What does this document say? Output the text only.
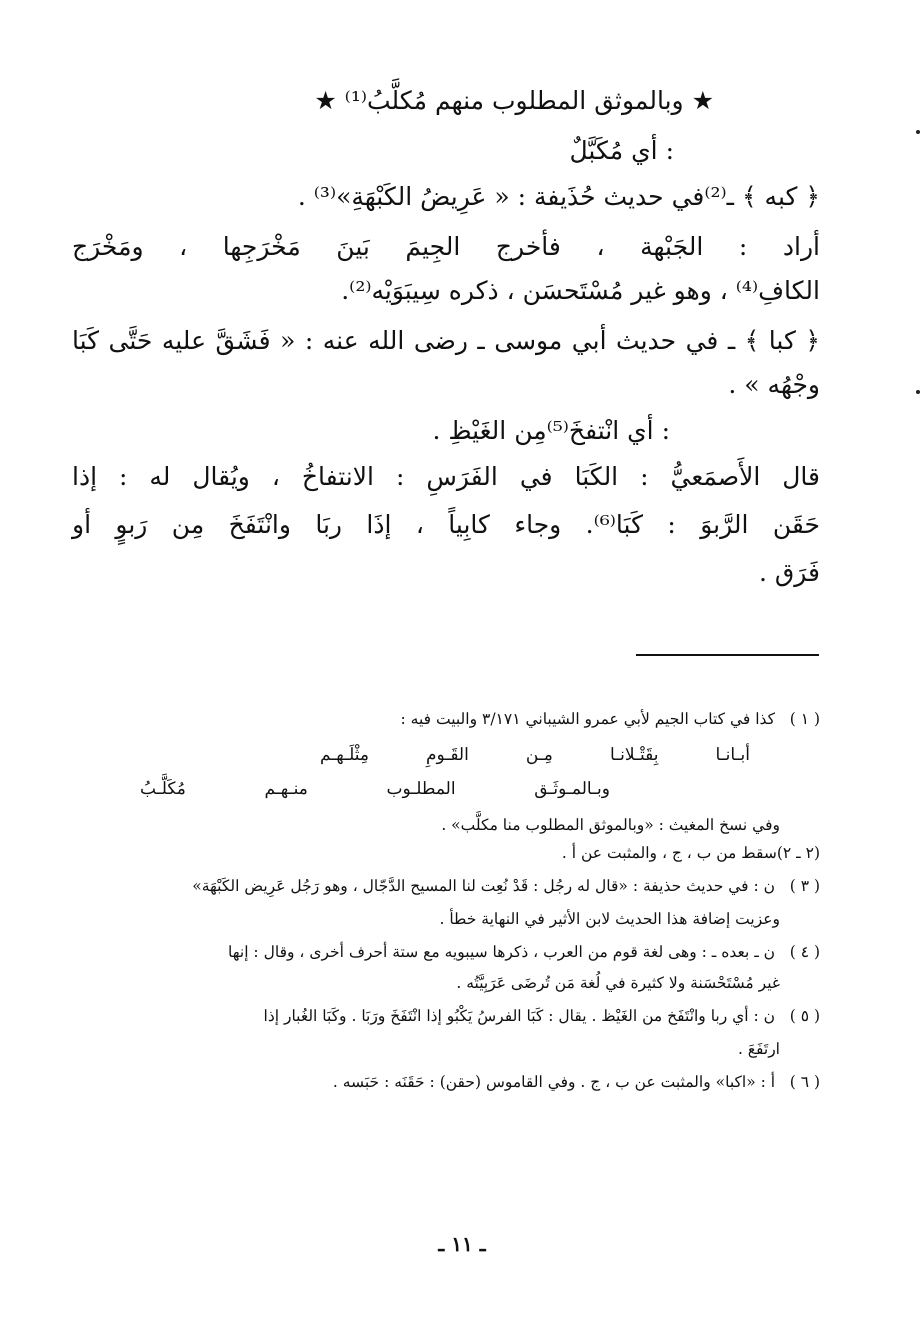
★ وبالموثق المطلوب منهم مُكلَّبُ⁽¹⁾ ★
: أي مُكَبَّلٌ
﴿ كبه ﴾ ـ⁽²⁾في حديث حُذَيفة : « عَرِيضُ الكَبْهَةِ»⁽³⁾ .
أراد : الجَبْهة ، فأخرج الجِيمَ بَينَ مَخْرَجِها ، ومَخْرَج
الكافِ⁽⁴⁾ ، وهو غير مُسْتَحسَن ، ذكره سِيبَوَيْه⁽²⁾.
﴿ كبا ﴾ ـ في حديث أبي موسى ـ رضى الله عنه : « فَشَقَّ عليه حَتَّى كَبَا
وجْهُه » .
: أي انْتفخَ⁽⁵⁾مِن الغَيْظِ .
قال الأَصمَعيُّ : الكَبَا في الفَرَسِ : الانتفاخُ ، ويُقال له : إذا
حَقَن الرَّبوَ : كَبَا⁽⁶⁾. وجاء كابِياً ، إذَا ربَا وانْتَفَخَ مِن رَبوٍ أو
فَرَق .
( ١ ) كذا في كتاب الجيم لأبي عمرو الشيباني ٣/١٧١ والبيت فيه :
أبـانـا
بِقَتْـلانـا
مِـن
القَـومِ
مِثْلَـهـم
وبـالمـوثَـق
المطلـوب
منـهـم
مُكَلَّـبُ
وفي نسخ المغيث : «وبالموثق المطلوب منا مكلَّب» .
(٢ ـ ٢)سقط من ب ، ج ، والمثبت عن أ .
( ٣ ) ن : في حديث حذيفة : «قال له رجُل : قَدْ نُعِت لنا المسيح الدَّجّال ، وهو رَجُل عَرِيض الكَبْهَة»
وعزيت إضافة هذا الحديث لابن الأثير في النهاية خطأ .
( ٤ ) ن ـ بعده ـ : وهى لغة قوم من العرب ، ذكرها سيبويه مع ستة أحرف أخرى ، وقال : إنها
غير مُسْتَحْسَنة ولا كثيرة في لُغة مَن تُرضَى عَرَبِيَّتُه .
( ٥ ) ن : أي ربا وانْتَفَخ من الغَيْظ . يقال : كَبَا الفرسُ يَكْبُو إذا انْتَفَخَ ورَبَا . وكَبَا الغُبار إذا
ارتَفَعَ .
( ٦ ) أ : «اكبا» والمثبت عن ب ، ج . وفي القاموس (حقن) : حَقَنَه : حَبَسه .
ـ ١١ ـ
